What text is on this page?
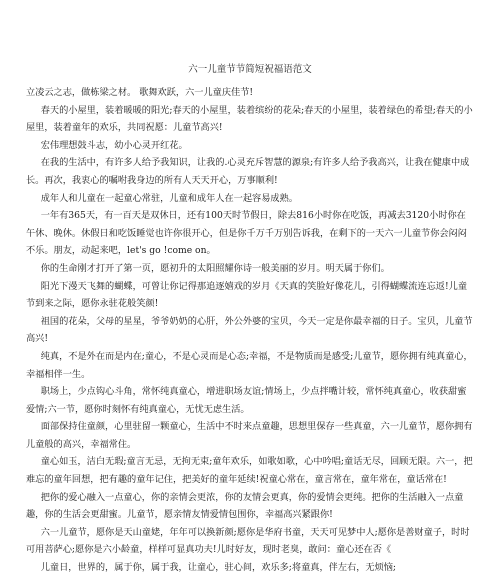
六一儿童节节简短祝福语范文

立凌云之志，做栋梁之材。 歌舞欢跃，六一儿童庆佳节!

春天的小屋里，装着暖暖的阳光;春天的小屋里，装着缤纷的花朵;春天的小屋里，装着绿色的希望;春天的小屋里，装着童年的欢乐，共同祝愿：儿童节高兴!

宏伟理想鼓斗志，幼小心灵开红花。

在我的生活中，有许多人给予我知识，让我的.心灵充斥智慧的源泉;有许多人给予我高兴，让我在健康中成长。再次，我衷心的嘱咐我身边的所有人天天开心，万事顺利!

成年人和儿童在一起童心常驻，儿童和成年人在一起容易成熟。

一年有365天，有一百天是双休日，还有100天时节假日，除去816小时你在吃饭，再减去3120小时你在午休、晚休。休假日和吃饭睡觉也许你很开心，但是你千万千万别告诉我，在剩下的一天六一儿童节你会闷闷不乐。朋友，动起来吧，let's go !come on。

你的生命刚才打开了第一页，愿初升的太阳照耀你诗一般美丽的岁月。明天属于你们。

阳光下漫天飞舞的蝴蝶，可曾让你记得那追逐嬉戏的岁月《天真的笑脸好像花儿，引得蝴蝶流连忘返!儿童节到来之际，愿你永驻花般笑颜!

祖国的花朵，父母的星星，爷爷奶奶的心肝，外公外婆的宝贝，今天一定是你最幸福的日子。宝贝，儿童节高兴!

纯真，不是外在而是内在;童心，不是心灵而是心态;幸福，不是物质而是感受;儿童节，愿你拥有纯真童心，幸福相伴一生。

职场上，少点钩心斗角，常怀纯真童心，增进职场友谊;情场上，少点拌嘴计较，常怀纯真童心，收获甜蜜爱情;六一节，愿你时刻怀有纯真童心，无忧无虑生活。

面部保持住童颜，心里驻留一颗童心，生活中不时来点童趣，思想里保存一些真童，六一儿童节，愿你拥有儿童般的高兴，幸福常住。

童心如玉，洁白无瑕;童言无忌，无拘无束;童年欢乐，如歌如歌，心中吟唱;童话无尽，回顾无限。六一，把难忘的童年回想，把有趣的童年记住，把美好的童年延续!祝童心常在，童言常在，童年常在，童话常在!

把你的爱心融入一点童心，你的亲情会更浓，你的友情会更真，你的爱情会更纯。把你的生活融入一点童趣，你的生活会更甜蜜。儿童节，愿亲情友情爱情包围你，幸福高兴紧跟你!

六一儿童节，愿你是天山童姥，年年可以换新颜;愿你是华府书童，天天可见梦中人;愿你是善财童子，时时可用菩萨心;愿你是六小龄童，样样可显真功夫!儿时好友，现时老臭，敢问：童心还在否《

儿童日，世界的，属于你，属于我，让童心，驻心间，欢乐多;将童真，伴左右，无烦恼;
